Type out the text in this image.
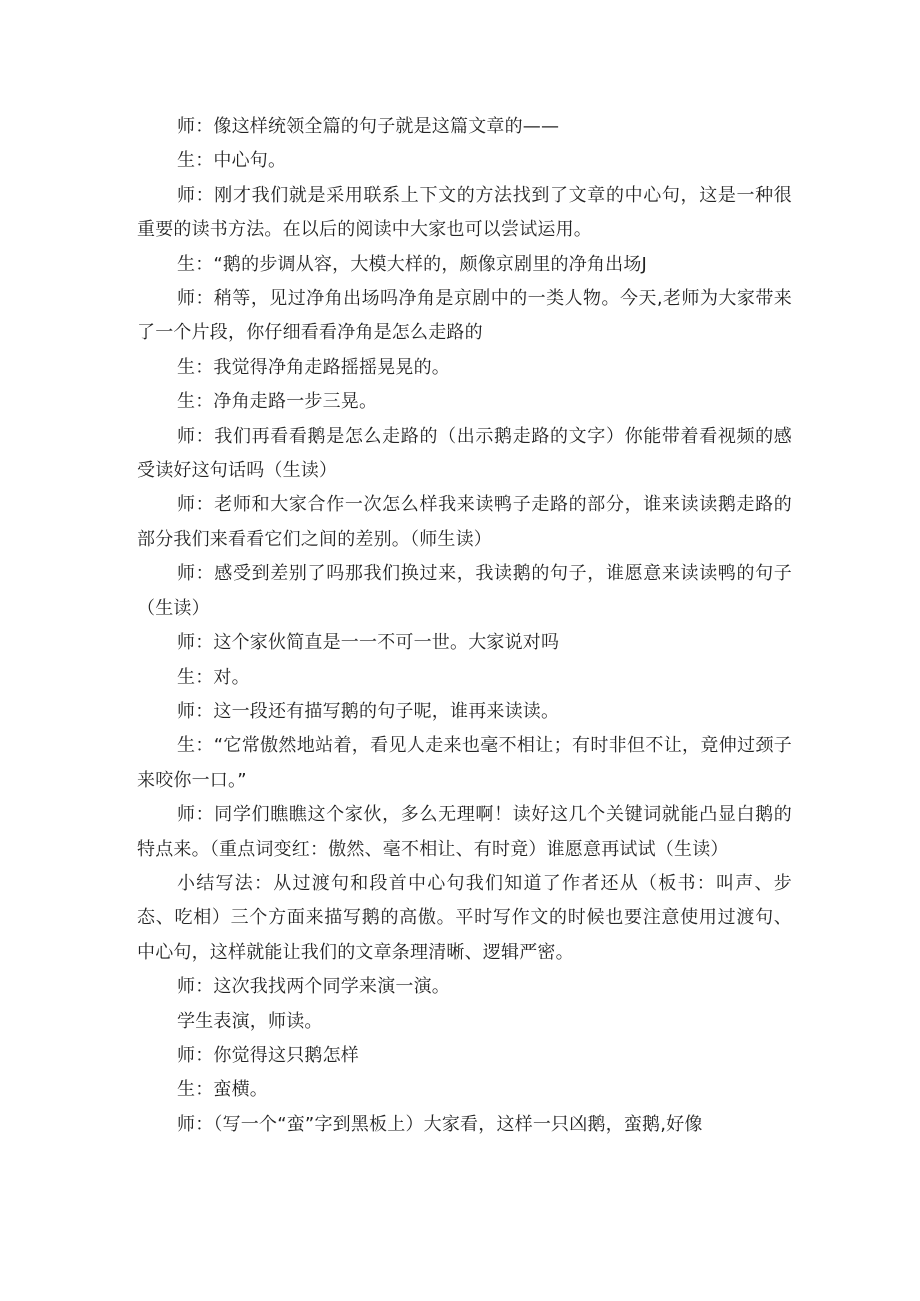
师：像这样统领全篇的句子就是这篇文章的——

生：中心句。

师：刚才我们就是采用联系上下文的方法找到了文章的中心句，这是一种很重要的读书方法。在以后的阅读中大家也可以尝试运用。

生：“鹅的步调从容，大模大样的，颇像京剧里的净角出场J

师：稍等，见过净角出场吗净角是京剧中的一类人物。今天,老师为大家带来了一个片段，你仔细看看净角是怎么走路的

生：我觉得净角走路摇摇晃晃的。

生：净角走路一步三晃。

师：我们再看看鹅是怎么走路的（出示鹅走路的文字）你能带着看视频的感受读好这句话吗（生读）

师：老师和大家合作一次怎么样我来读鸭子走路的部分，谁来读读鹅走路的部分我们来看看它们之间的差别。（师生读）

师：感受到差别了吗那我们换过来，我读鹅的句子，谁愿意来读读鸭的句子（生读）

师：这个家伙简直是一一不可一世。大家说对吗

生：对。

师：这一段还有描写鹅的句子呢，谁再来读读。

生：“它常傲然地站着，看见人走来也毫不相让；有时非但不让，竟伸过颈子来咬你一口。”

师：同学们瞧瞧这个家伙，多么无理啊！读好这几个关键词就能凸显白鹅的特点来。（重点词变红：傲然、毫不相让、有时竟）谁愿意再试试（生读）

小结写法：从过渡句和段首中心句我们知道了作者还从（板书：叫声、步态、吃相）三个方面来描写鹅的高傲。平时写作文的时候也要注意使用过渡句、中心句，这样就能让我们的文章条理清晰、逻辑严密。

师：这次我找两个同学来演一演。

学生表演，师读。

师：你觉得这只鹅怎样

生：蛮横。

师：（写一个“蛮”字到黑板上）大家看，这样一只凶鹅，蛮鹅,好像
